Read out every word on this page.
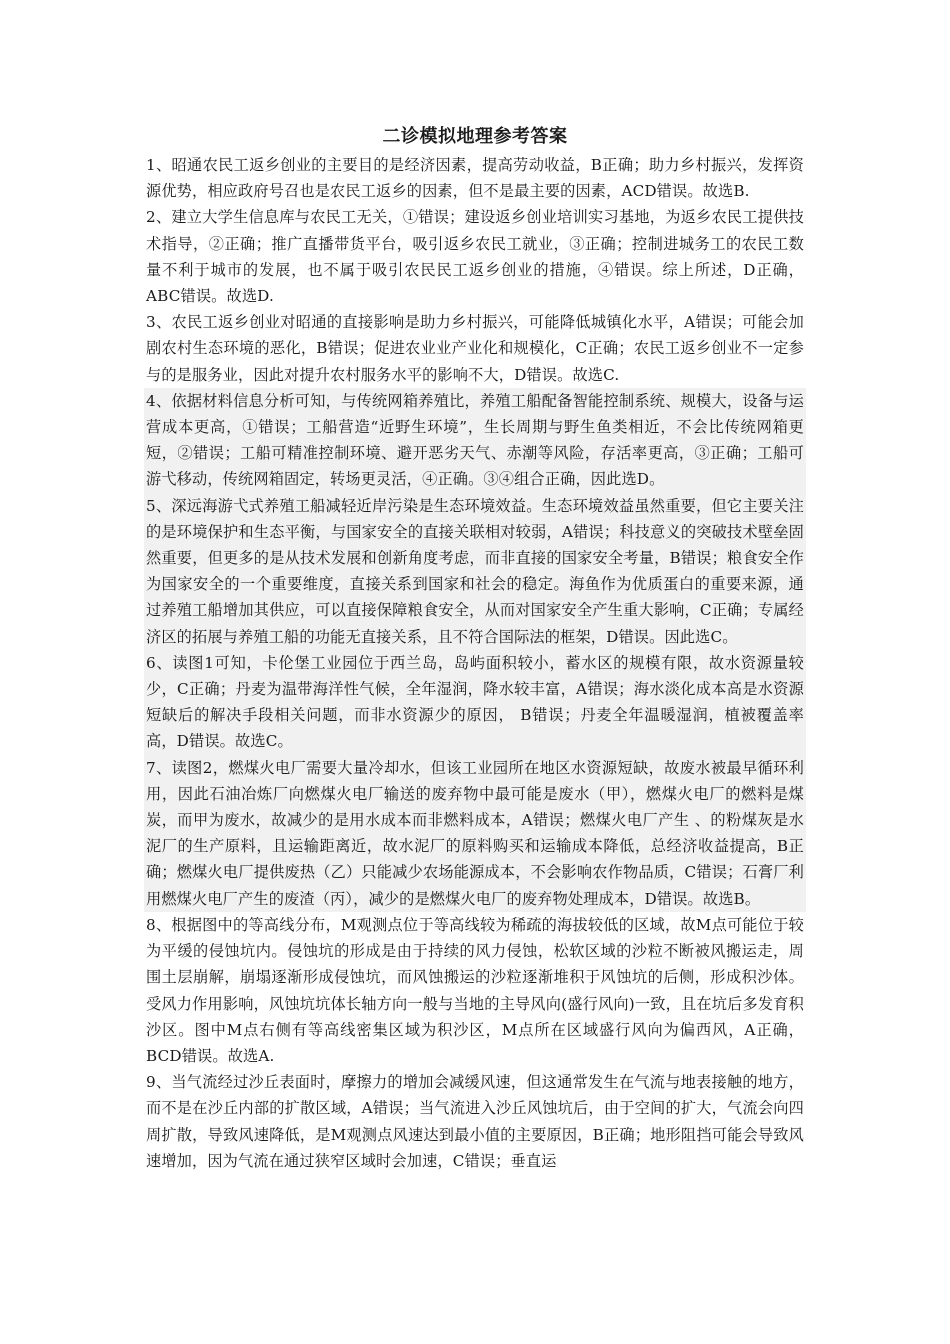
二诊模拟地理参考答案

1、昭通农民工返乡创业的主要目的是经济因素，提高劳动收益，B正确；助力乡村振兴，发挥资源优势，相应政府号召也是农民工返乡的因素，但不是最主要的因素，ACD错误。故选B.

2、建立大学生信息库与农民工无关，①错误；建设返乡创业培训实习基地，为返乡农民工提供技术指导，②正确；推广直播带货平台，吸引返乡农民工就业，③正确；控制进城务工的农民工数量不利于城市的发展，也不属于吸引农民民工返乡创业的措施，④错误。综上所述，D正确，ABC错误。故选D.

3、农民工返乡创业对昭通的直接影响是助力乡村振兴，可能降低城镇化水平，A错误；可能会加剧农村生态环境的恶化，B错误；促进农业业产业化和规模化，C正确；农民工返乡创业不一定参与的是服务业，因此对提升农村服务水平的影响不大，D错误。故选C.

4、依据材料信息分析可知，与传统网箱养殖比，养殖工船配备智能控制系统、规模大，设备与运营成本更高，①错误；工船营造“近野生环境”，生长周期与野生鱼类相近，不会比传统网箱更短，②错误；工船可精准控制环境、避开恶劣天气、赤潮等风险，存活率更高，③正确；工船可游弋移动，传统网箱固定，转场更灵活，④正确。③④组合正确，因此选D。

5、深远海游弋式养殖工船减轻近岸污染是生态环境效益。生态环境效益虽然重要，但它主要关注的是环境保护和生态平衡，与国家安全的直接关联相对较弱，A错误；科技意义的突破技术壁垒固然重要，但更多的是从技术发展和创新角度考虑，而非直接的国家安全考量，B错误；粮食安全作为国家安全的一个重要维度，直接关系到国家和社会的稳定。海鱼作为优质蛋白的重要来源，通过养殖工船增加其供应，可以直接保障粮食安全，从而对国家安全产生重大影响，C正确；专属经济区的拓展与养殖工船的功能无直接关系，且不符合国际法的框架，D错误。因此选C。

6、读图1可知，卡伦堡工业园位于西兰岛，岛屿面积较小，蓄水区的规模有限，故水资源量较少，C正确；丹麦为温带海洋性气候，全年湿润，降水较丰富，A错误；海水淡化成本高是水资源短缺后的解决手段相关问题，而非水资源少的原因， B错误；丹麦全年温暖湿润，植被覆盖率高，D错误。故选C。

7、读图2，燃煤火电厂需要大量冷却水，但该工业园所在地区水资源短缺，故废水被最早循环利用，因此石油冶炼厂向燃煤火电厂输送的废弃物中最可能是废水（甲），燃煤火电厂的燃料是煤炭，而甲为废水，故减少的是用水成本而非燃料成本，A错误；燃煤火电厂产生 、的粉煤灰是水泥厂的生产原料，且运输距离近，故水泥厂的原料购买和运输成本降低，总经济收益提高，B正确；燃煤火电厂提供废热（乙）只能减少农场能源成本，不会影响农作物品质，C错误；石膏厂利用燃煤火电厂产生的废渣（丙），减少的是燃煤火电厂的废弃物处理成本，D错误。故选B。

8、根据图中的等高线分布，M观测点位于等高线较为稀疏的海拔较低的区域，故M点可能位于较为平缓的侵蚀坑内。侵蚀坑的形成是由于持续的风力侵蚀，松软区域的沙粒不断被风搬运走，周围土层崩解，崩塌逐渐形成侵蚀坑，而风蚀搬运的沙粒逐渐堆积于风蚀坑的后侧，形成积沙体。受风力作用影响，风蚀坑坑体长轴方向一般与当地的主导风向(盛行风向)一致，且在坑后多发育积沙区。图中M点右侧有等高线密集区域为积沙区，M点所在区域盛行风向为偏西风，A正确，BCD错误。故选A.

9、当气流经过沙丘表面时，摩擦力的增加会减缓风速，但这通常发生在气流与地表接触的地方，而不是在沙丘内部的扩散区域，A错误；当气流进入沙丘风蚀坑后，由于空间的扩大，气流会向四周扩散，导致风速降低，是M观测点风速达到最小值的主要原因，B正确；地形阻挡可能会导致风速增加，因为气流在通过狭窄区域时会加速，C错误；垂直运
